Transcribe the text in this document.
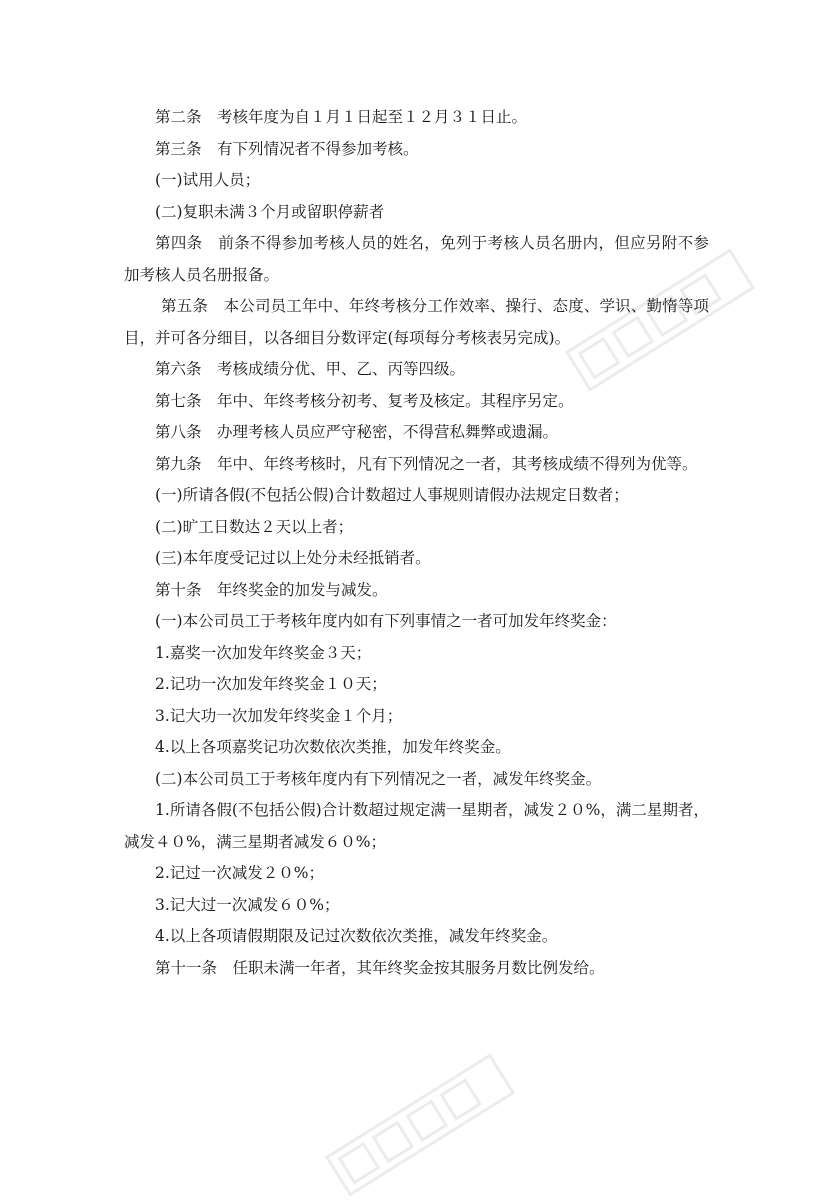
第二条　考核年度为自１月１日起至１２月３１日止。

第三条　有下列情况者不得参加考核。

(一)试用人员；

(二)复职未满３个月或留职停薪者

第四条　前条不得参加考核人员的姓名，免列于考核人员名册内，但应另附不参加考核人员名册报备。

第五条　本公司员工年中、年终考核分工作效率、操行、态度、学识、勤惰等项目，并可各分细目，以各细目分数评定(每项每分考核表另完成)。

第六条　考核成绩分优、甲、乙、丙等四级。

第七条　年中、年终考核分初考、复考及核定。其程序另定。

第八条　办理考核人员应严守秘密，不得营私舞弊或遗漏。

第九条　年中、年终考核时，凡有下列情况之一者，其考核成绩不得列为优等。

(一)所请各假(不包括公假)合计数超过人事规则请假办法规定日数者；

(二)旷工日数达２天以上者；

(三)本年度受记过以上处分未经抵销者。

第十条　年终奖金的加发与减发。

(一)本公司员工于考核年度内如有下列事情之一者可加发年终奖金：

1.嘉奖一次加发年终奖金３天；

2.记功一次加发年终奖金１０天；

3.记大功一次加发年终奖金１个月；

4.以上各项嘉奖记功次数依次类推，加发年终奖金。

(二)本公司员工于考核年度内有下列情况之一者，减发年终奖金。

1.所请各假(不包括公假)合计数超过规定满一星期者，减发２０%，满二星期者，减发４０%，满三星期者减发６０%；

2.记过一次减发２０%；

3.记大过一次减发６０%；

4.以上各项请假期限及记过次数依次类推，减发年终奖金。

第十一条　任职未满一年者，其年终奖金按其服务月数比例发给。
